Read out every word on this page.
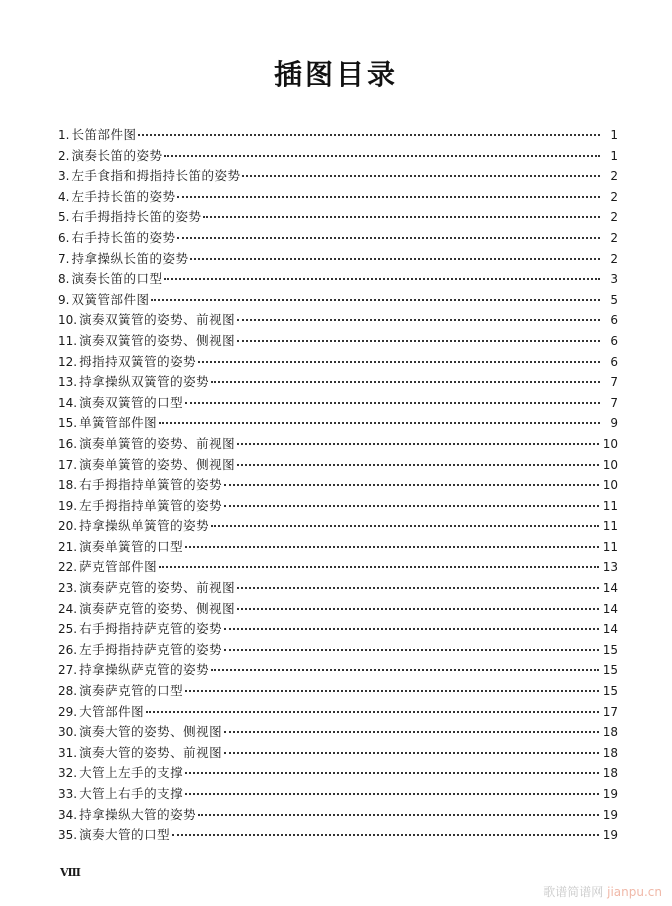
插图目录
1. 长笛部件图	1
2. 演奏长笛的姿势	1
3. 左手食指和拇指持长笛的姿势	2
4. 左手持长笛的姿势	2
5. 右手拇指持长笛的姿势	2
6. 右手持长笛的姿势	2
7. 持拿操纵长笛的姿势	2
8. 演奏长笛的口型	3
9. 双簧管部件图	5
10. 演奏双簧管的姿势、前视图	6
11. 演奏双簧管的姿势、侧视图	6
12. 拇指持双簧管的姿势	6
13. 持拿操纵双簧管的姿势	7
14. 演奏双簧管的口型	7
15. 单簧管部件图	9
16. 演奏单簧管的姿势、前视图	10
17. 演奏单簧管的姿势、侧视图	10
18. 右手拇指持单簧管的姿势	10
19. 左手拇指持单簧管的姿势	11
20. 持拿操纵单簧管的姿势	11
21. 演奏单簧管的口型	11
22. 萨克管部件图	13
23. 演奏萨克管的姿势、前视图	14
24. 演奏萨克管的姿势、侧视图	14
25. 右手拇指持萨克管的姿势	14
26. 左手拇指持萨克管的姿势	15
27. 持拿操纵萨克管的姿势	15
28. 演奏萨克管的口型	15
29. 大管部件图	17
30. 演奏大管的姿势、侧视图	18
31. 演奏大管的姿势、前视图	18
32. 大管上左手的支撑	18
33. 大管上右手的支撑	19
34. 持拿操纵大管的姿势	19
35. 演奏大管的口型	19
Ⅷ
歌谱简谱网 jianpu.cn
